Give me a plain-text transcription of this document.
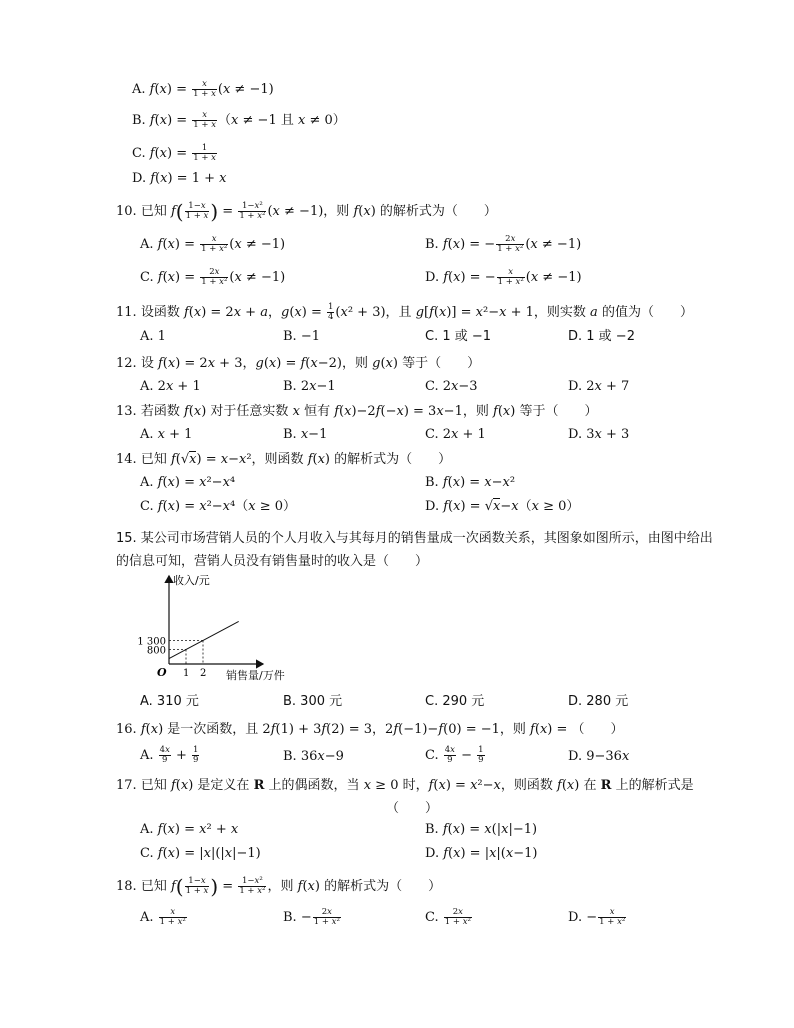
A. $f(x) = \frac{x}{1 + x} (x \ne -1)$
B. $f(x) = \frac{x}{1 + x} (x \ne -1$ 且 x ≠ 0）
C. $f(x) = \frac{1}{1 + x}$
D. f(x) = 1 + x
10. 已知 $f( \frac{1-x}{1 + x}$ ) = $\frac{\text{1−x²}}{\text{1 + x²}} (x \ne -1)$，则 f(x) 的解析式为（　　）
A. $f(x) = \frac{x}{\text{1 + x²}} (x \ne -1)$	B. f(x) = − $\frac{2x}{\text{1 + x²}} (x \ne -1)$
C. $f(x) = \frac{2x}{\text{1 + x²}} (x \ne -1)$	D. f(x) = − $\frac{x}{\text{1 + x²}} (x \ne -1)$
11. 设函数 f(x) = 2x + a，$g(x) = \frac{1}{4} (x^2 + 3)$，且 g[f(x)] = x²−x + 1，则实数 a 的值为（　　）
A. 1	B. −1	C. 1 或 −1	D. 1 或 −2
12. 设 f(x) = 2x + 3，g(x) = f(x−2)，则 g(x) 等于（　　）
A. 2x + 1	B. 2x−1	C. 2x−3	D. 2x + 7
13. 若函数 f(x) 对于任意实数 x 恒有 f(x)−2f(−x) = 3x−1，则 f(x) 等于（　　）
A. x + 1	B. x−1	C. 2x + 1	D. 3x + 3
14. 已知 f(√x) = x−x²，则函数 f(x) 的解析式为（　　）
A. f(x) = x²−x⁴	B. f(x) = x−x²
C. f(x) = x²−x⁴（x ≥ 0）	D. f(x) = √x−x（x ≥ 0）
15. 某公司市场营销人员的个人月收入与其每月的销售量成一次函数关系，其图象如图所示，由图中给出的信息可知，营销人员没有销售量时的收入是（　　）
1
800
2
1 300
收入/元
O	销售量/万件
A. 310 元	B. 300 元	C. 290 元	D. 280 元
16. f(x) 是一次函数，且 2f(1) + 3f(2) = 3，2f(−1)−f(0) = −1，则 f(x) = （　　）
A. $\frac{4x}{9} + \frac{1}{9}$	B. 36x−9	C. $\frac{4x}{9} - \frac{1}{9}$	D. 9−36x
17. 已知 f(x) 是定义在 R 上的偶函数，当 x ≥ 0 时，f(x) = x²−x，则函数 f(x) 在 R 上的解析式是
（　　）
A. f(x) = x² + x	B. f(x) = x(|x|−1)
C. f(x) = |x|(|x|−1)	D. f(x) = |x|(x−1)
18. 已知 $f( \frac{1-x}{1 + x}$ ) = $\frac{\text{1−x²}}{\text{1 + x²}}$ ，则 f(x) 的解析式为（　　）
A. $\frac{x}{\text{1 + x²}}$	B. − $\frac{2x}{\text{1 + x²}}$	C. $\frac{2x}{\text{1 + x²}}$	D. − $\frac{x}{\text{1 + x²}}$
